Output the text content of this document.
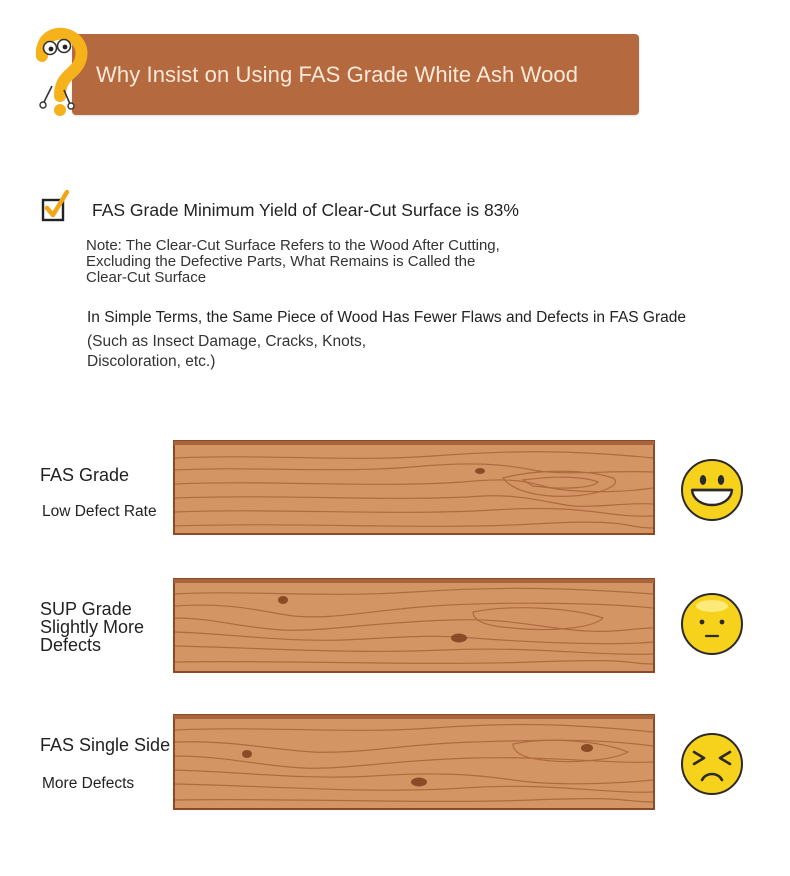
Why Insist on Using FAS Grade White Ash Wood
FAS Grade Minimum Yield of Clear-Cut Surface is 83%
Note: The Clear-Cut Surface Refers to the Wood After Cutting, Excluding the Defective Parts, What Remains is Called the Clear-Cut Surface
In Simple Terms, the Same Piece of Wood Has Fewer Flaws and Defects in FAS Grade
(Such as Insect Damage, Cracks, Knots, Discoloration, etc.)
FAS Grade
Low Defect Rate
SUP Grade
Slightly More Defects
FAS Single Side
More Defects
